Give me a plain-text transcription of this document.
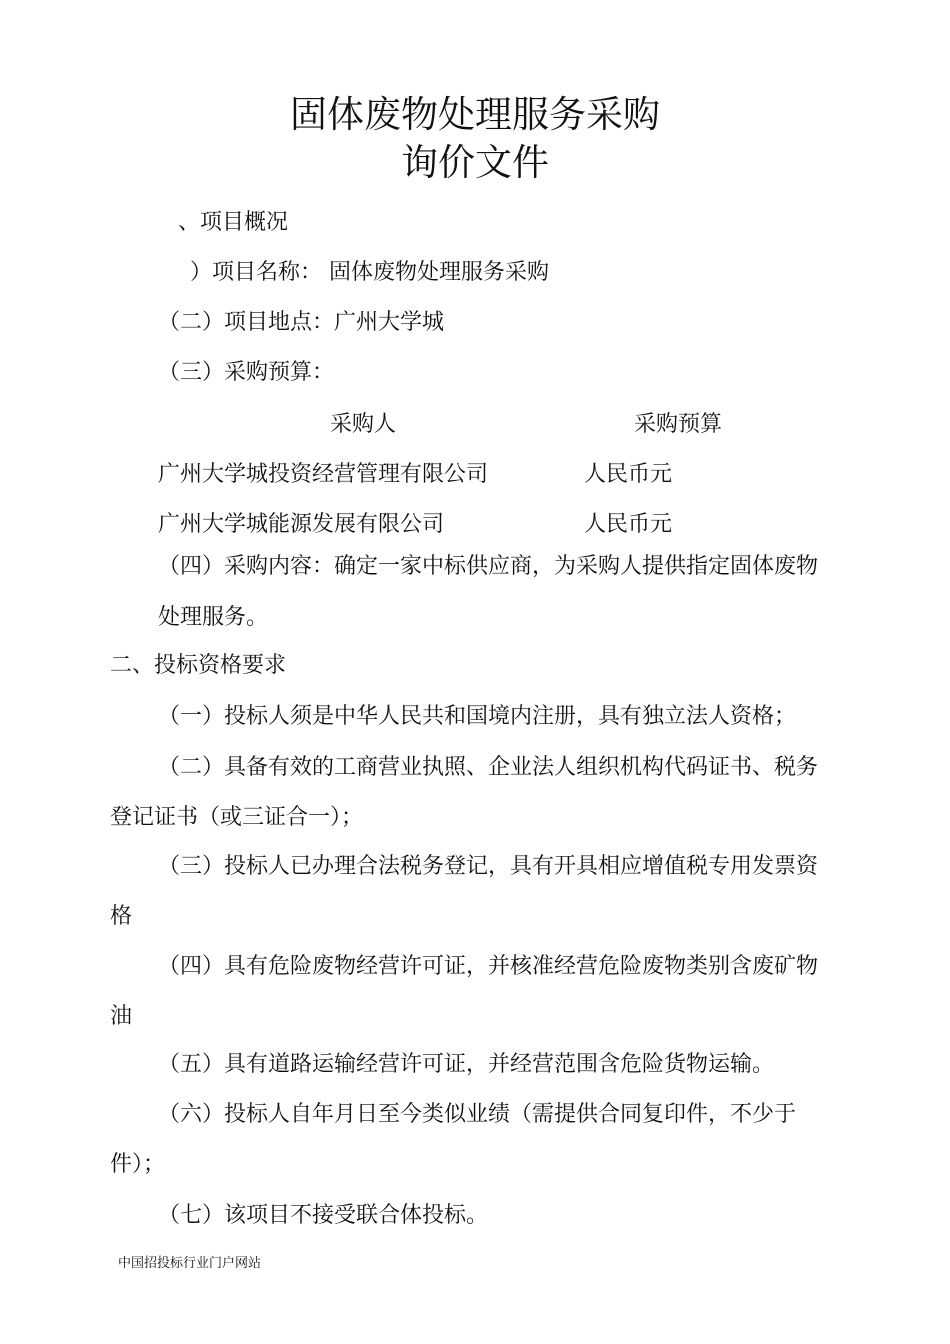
固体废物处理服务采购
询价文件
、项目概况
）项目名称： 固体废物处理服务采购
（二）项目地点：广州大学城
（三）采购预算：
采购人	采购预算
广州大学城投资经营管理有限公司	人民币元
广州大学城能源发展有限公司	人民币元
（四）采购内容：确定一家中标供应商，为采购人提供指定固体废物
处理服务。
二、投标资格要求
（一）投标人须是中华人民共和国境内注册，具有独立法人资格；
（二）具备有效的工商营业执照、企业法人组织机构代码证书、税务
登记证书（或三证合一）；
（三）投标人已办理合法税务登记，具有开具相应增值税专用发票资
格
（四）具有危险废物经营许可证，并核准经营危险废物类别含废矿物
油
（五）具有道路运输经营许可证，并经营范围含危险货物运输。
（六）投标人自年月日至今类似业绩（需提供合同复印件，不少于
件）；
（七）该项目不接受联合体投标。
中国招投标行业门户网站
